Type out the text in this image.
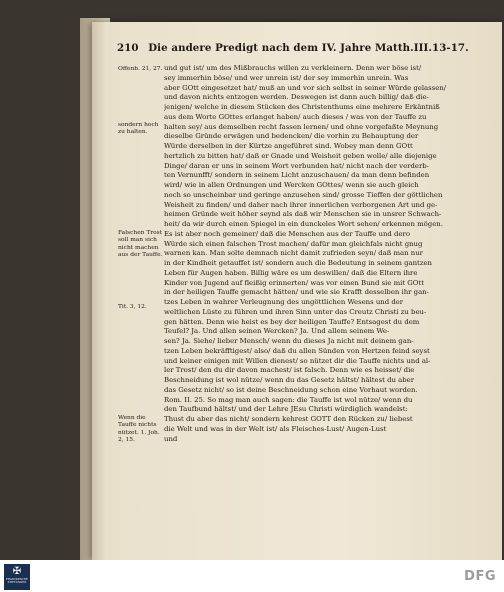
210 Die andere Predigt nach dem IV. Jahre Matth.III.13-17.
Offenb. 21, 27.
sondern hoch zu halten.
Falschen Trost soll man sich nicht machen aus der Tauffe.
Tit. 3, 12.
Wenn die Tauffe nichts nützet. 1. Joh. 2, 15.
und gut ist/ um des Mißbrauchs willen zu verkleinern. Denn wer böse ist/
sey immerhin böse/ und wer unrein ist/ der sey immerhin unrein. Was
aber GOtt eingesetzet hat/ muß an und vor sich selbst in seiner Würde gelassen/
und davon nichts entzogen werden. Deswegen ist dann auch billig/ daß die-
jenigen/ welche in diesem Stücken des Christenthums eine mehrere Erkäntniß
aus dem Worte GOttes erlanget haben/ auch dieses / was von der Tauffe zu
halten sey/ aus demselben recht fassen lernen/ und ohne vorgefaßte Meynung
dieselbe Gründe erwägen und bedencken/ die vorhin zu Behauptung der
Würde derselben in der Kürtze angeführet sind. Wobey man denn GOtt
hertzlich zu bitten hat/ daß er Gnade und Weisheit geben wolle/ alle diejenige
Dinge/ daran er uns in seinem Wort verbunden hat/ nicht nach der verderb-
ten Vernunfft/ sondern in seinem Licht anzuschauen/ da man denn befinden
wird/ wie in allen Ordnungen und Wercken GOttes/ wenn sie auch gleich
noch so unscheinbar und geringe anzusehen sind/ grosse Tieffen der göttlichen
Weisheit zu finden/ und daher nach ihrer innerlichen verborgenen Art und ge-
heimen Gründe weit höher seynd als daß wir Menschen sie in unsrer Schwach-
heit/ da wir durch einen Spiegel in ein dunckeles Wort sehen/ erkennen mögen.
Es ist aber noch gemeiner/ daß die Menschen aus der Tauffe und dero
Würde sich einen falschen Trost machen/ dafür man gleichfals nicht gnug
warnen kan. Man solte demnach nicht damit zufrieden seyn/ daß man nur
in der Kindheit getauffet ist/ sondern auch die Bedeutung in seinem gantzen
Leben für Augen haben. Billig wäre es um deswillen/ daß die Eltern ihre
Kinder von Jugend auf fleißig erinnerten/ was vor einen Bund sie mit GOtt
in der heiligen Tauffe gemacht hätten/ und wie sie Krafft desselben ihr gan-
tzes Leben in wahrer Verleugnung des ungöttlichen Wesens und der
weltlichen Lüste zu führen und ihren Sinn unter das Creutz Christi zu beu-
gen hätten. Denn wie heist es bey der heiligen Tauffe? Entsagest du dem
Teufel? Ja. Und allen seinen Wercken? Ja. Und allem seinem We-
sen? Ja. Siehe/ lieber Mensch/ wenn du dieses Ja nicht mit deinem gan-
tzen Leben bekräfftigest/ also/ daß du allen Sünden von Hertzen feind seyst
und keiner einigen mit Willen dienest/ so nützet dir die Tauffe nichts und al-
ler Trost/ den du dir davon machest/ ist falsch. Denn wie es heisset/ die
Beschneidung ist wol nütze/ wenn du das Gesetz hältst/ hältest du aber
das Gesetz nicht/ so ist deine Beschneidung schon eine Vorhaut worden.
Rom. II. 25. So mag man auch sagen: die Tauffe ist wol nütze/ wenn du
den Taufbund hältst/ und der Lehre JEsu Christi würdiglich wandelst:
Thust du aber das nicht/ sondern kehrest GOTT den Rücken zu/ liebest
die Welt und was in der Welt ist/ als Fleisches-Lust/ Augen-Lust
und
✠
FRANCKESCHE STIFTUNGEN	DFG
